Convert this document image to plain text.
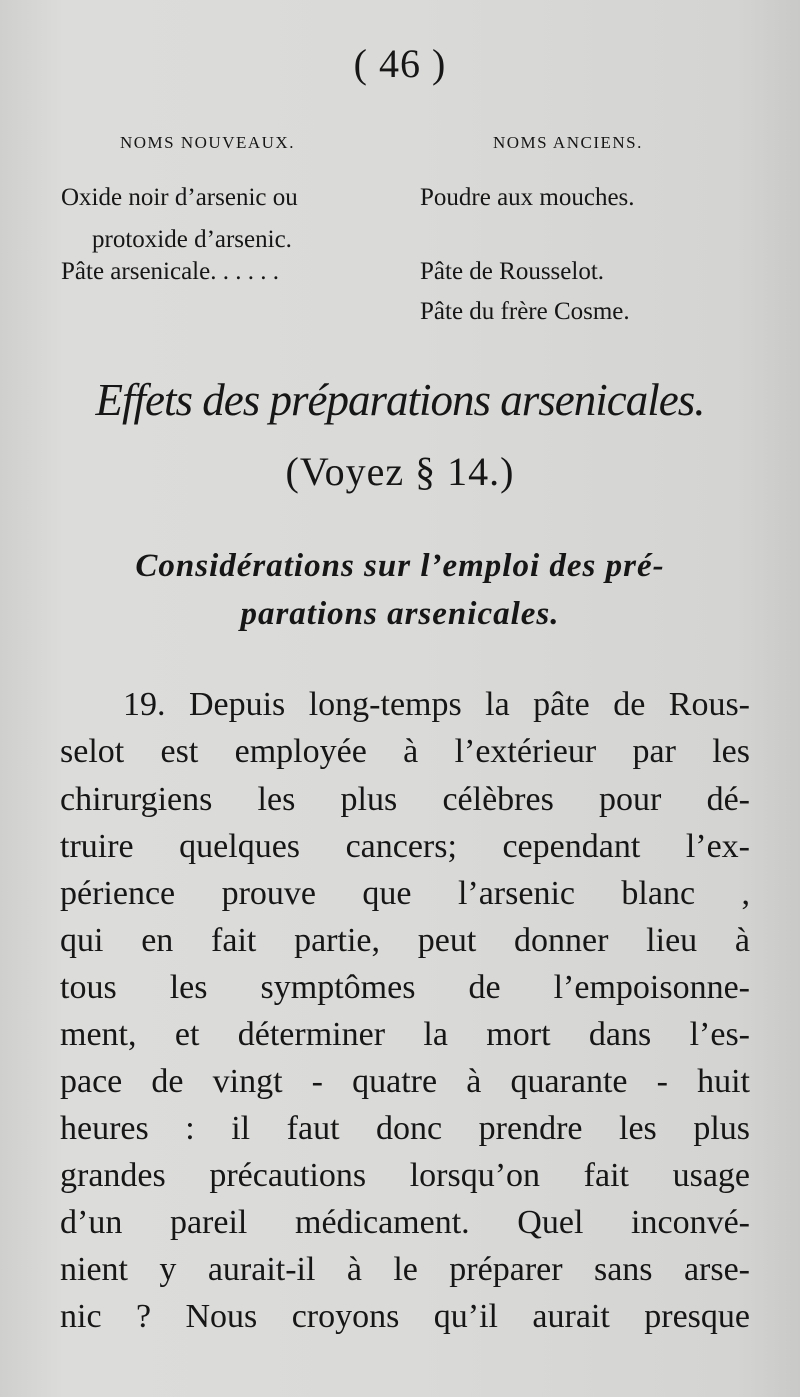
( 46 )
NOMS NOUVEAUX.	NOMS ANCIENS.
Oxide noir d’arsenic ou
protoxide d’arsenic.
Poudre aux mouches.
Pâte arsenicale. . . . . .	Pâte de Rousselot.
Pâte du frère Cosme.
Effets des préparations arsenicales.
(Voyez § 14.)
Considérations sur l’emploi des pré-
parations arsenicales.
19. Depuis long-temps la pâte de Rous-
selot est employée à l’extérieur par les
chirurgiens les plus célèbres pour dé-
truire quelques cancers; cependant l’ex-
périence prouve que l’arsenic blanc ,
qui en fait partie, peut donner lieu à
tous les symptômes de l’empoisonne-
ment, et déterminer la mort dans l’es-
pace de vingt - quatre à quarante - huit
heures : il faut donc prendre les plus
grandes précautions lorsqu’on fait usage
d’un pareil médicament. Quel inconvé-
nient y aurait-il à le préparer sans arse-
nic ? Nous croyons qu’il aurait presque
